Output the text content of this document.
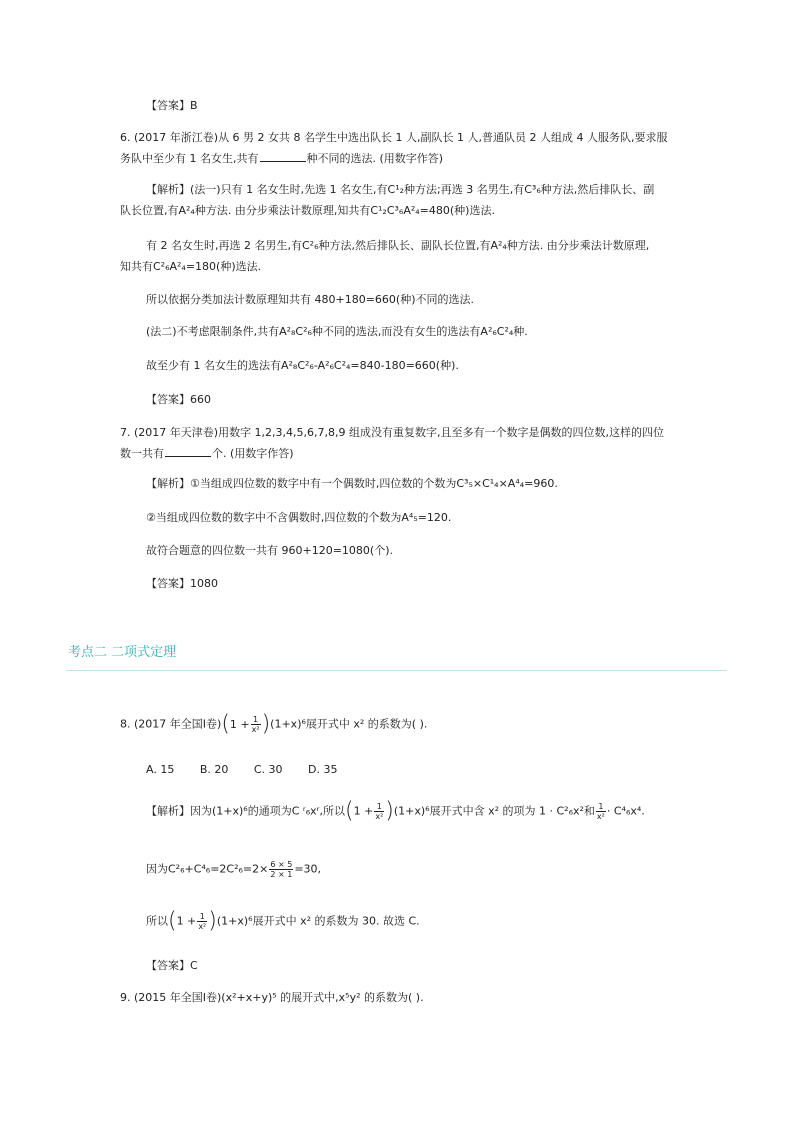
【答案】B
6. (2017 年浙江卷)从 6 男 2 女共 8 名学生中选出队长 1 人,副队长 1 人,普通队员 2 人组成 4 人服务队,要求服
务队中至少有 1 名女生,共有	种不同的选法. (用数字作答)
【解析】(法一)只有 1 名女生时,先选 1 名女生,有C¹₂种方法;再选 3 名男生,有C³₆种方法,然后排队长、副
队长位置,有A²₄种方法. 由分步乘法计数原理,知共有C¹₂C³₆A²₄=480(种)选法.
有 2 名女生时,再选 2 名男生,有C²₆种方法,然后排队长、副队长位置,有A²₄种方法. 由分步乘法计数原理,
知共有C²₆A²₄=180(种)选法.
所以依据分类加法计数原理知共有 480+180=660(种)不同的选法.
(法二)不考虑限制条件,共有A²₈C²₆种不同的选法,而没有女生的选法有A²₆C²₄种.
故至少有 1 名女生的选法有A²₈C²₆-A²₆C²₄=840-180=660(种).
【答案】660
7. (2017 年天津卷)用数字 1,2,3,4,5,6,7,8,9 组成没有重复数字,且至多有一个数字是偶数的四位数,这样的四位
数一共有	个. (用数字作答)
【解析】①当组成四位数的数字中有一个偶数时,四位数的个数为C³₅×C¹₄×A⁴₄=960.
②当组成四位数的数字中不含偶数时,四位数的个数为A⁴₅=120.
故符合题意的四位数一共有 960+120=1080(个).
【答案】1080
考点二 二项式定理
8. (2017 年全国Ⅰ卷)$(1 + \frac{1}{\text{x²}} )(1+x)^6$展开式中 x² 的系数为( ).
A. 15 B. 20 C. 30 D. 35
【解析】因为(1+x)⁶的通项为C ʳ₆xʳ,所以$(1 + \frac{1}{\text{x²}} )(1+x)^6$展开式中含 x² 的项为 1 · C²₆x²和 $\frac{1}{\text{x²}} \cdot C^4_6x^4$.
因为$C^2_6+C^4_6=2C^2_6=2\times \frac{6 \times 5}{2 \times 1} =30$,
所以$(1 + \frac{1}{\text{x²}} )(1+x)^6$展开式中 x² 的系数为 30. 故选 C.
【答案】C
9. (2015 年全国Ⅰ卷)(x²+x+y)⁵ 的展开式中,x⁵y² 的系数为( ).
